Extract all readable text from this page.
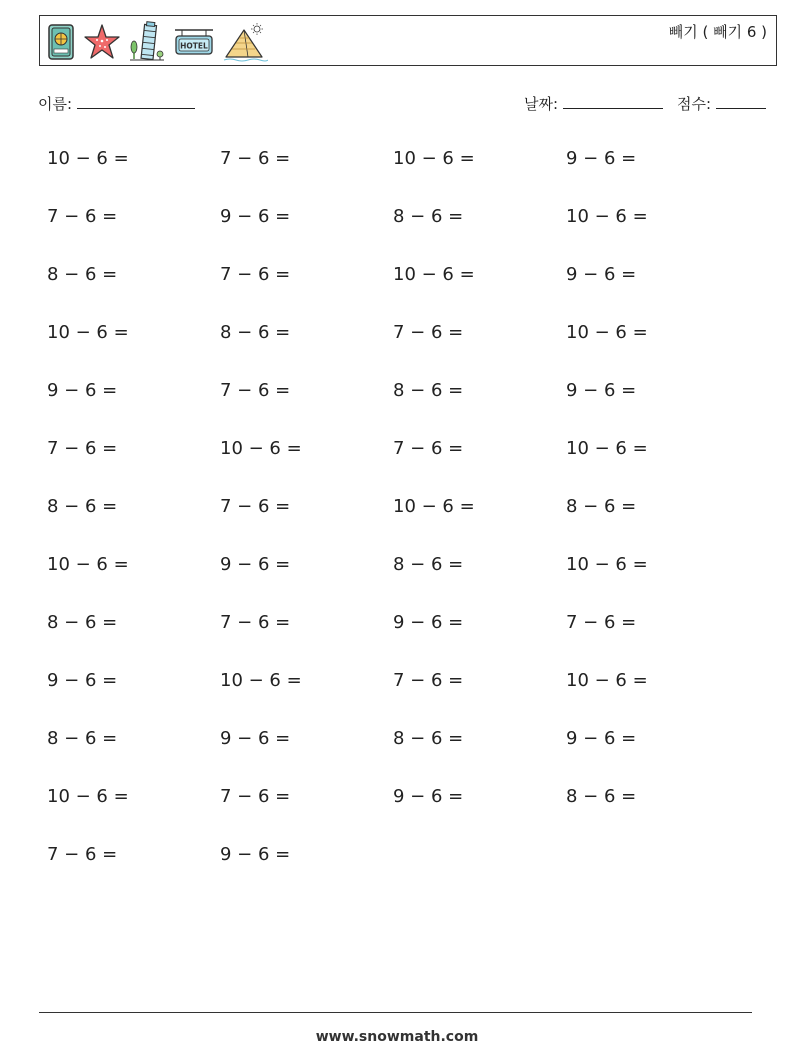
HOTEL
빼기 ( 빼기 6 )
이름:	날짜:	점수:
10 − 6 =	7 − 6 =	10 − 6 =	9 − 6 =
7 − 6 =	9 − 6 =	8 − 6 =	10 − 6 =
8 − 6 =	7 − 6 =	10 − 6 =	9 − 6 =
10 − 6 =	8 − 6 =	7 − 6 =	10 − 6 =
9 − 6 =	7 − 6 =	8 − 6 =	9 − 6 =
7 − 6 =	10 − 6 =	7 − 6 =	10 − 6 =
8 − 6 =	7 − 6 =	10 − 6 =	8 − 6 =
10 − 6 =	9 − 6 =	8 − 6 =	10 − 6 =
8 − 6 =	7 − 6 =	9 − 6 =	7 − 6 =
9 − 6 =	10 − 6 =	7 − 6 =	10 − 6 =
8 − 6 =	9 − 6 =	8 − 6 =	9 − 6 =
10 − 6 =	7 − 6 =	9 − 6 =	8 − 6 =
7 − 6 =	9 − 6 =
www.snowmath.com
